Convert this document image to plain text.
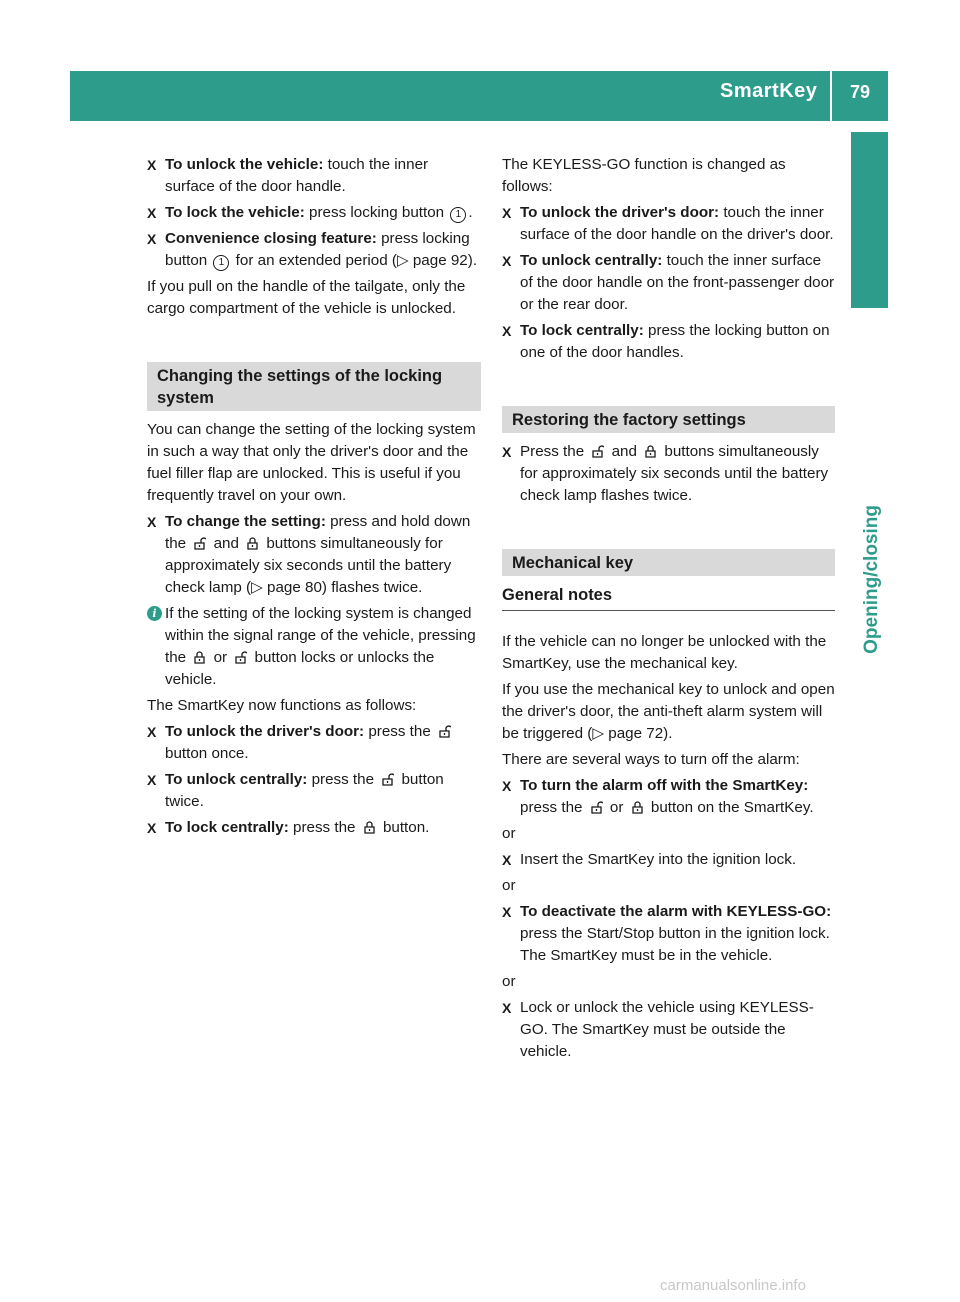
SmartKey 79
Opening/closing
X To unlock the vehicle: touch the inner surface of the door handle.
X To lock the vehicle: press locking button 1 .
X Convenience closing feature: press locking button 1 for an extended period (▷ page 92).

If you pull on the handle of the tailgate, only the cargo compartment of the vehicle is unlocked.

Changing the settings of the locking system

You can change the setting of the locking system in such a way that only the driver's door and the fuel filler flap are unlocked. This is useful if you frequently travel on your own.

X To change the setting: press and hold down the
and
buttons simultaneously for approximately six seconds until the battery check lamp (▷ page 80) flashes twice.
i If the setting of the locking system is changed within the signal range of the vehicle, pressing the
or
button locks or unlocks the vehicle.

The SmartKey now functions as follows:

X To unlock the driver's door: press the
button once.
X To unlock centrally: press the
button twice.
X To lock centrally: press the
button.

The KEYLESS-GO function is changed as follows:

X To unlock the driver's door: touch the inner surface of the door handle on the driver's door.
X To unlock centrally: touch the inner surface of the door handle on the front-passenger door or the rear door.
X To lock centrally: press the locking button on one of the door handles.
Restoring the factory settings
X Press the
and
buttons simultaneously for approximately six seconds until the battery check lamp flashes twice.
Mechanical key
General notes

If the vehicle can no longer be unlocked with the SmartKey, use the mechanical key.

If you use the mechanical key to unlock and open the driver's door, the anti-theft alarm system will be triggered (▷ page 72).

There are several ways to turn off the alarm:

X To turn the alarm off with the SmartKey: press the
or
button on the SmartKey.

or

X Insert the SmartKey into the ignition lock.

or

X To deactivate the alarm with KEYLESS-GO: press the Start/Stop button in the ignition lock. The SmartKey must be in the vehicle.

or

X Lock or unlock the vehicle using KEYLESS-GO. The SmartKey must be outside the vehicle.
carmanualsonline.info
